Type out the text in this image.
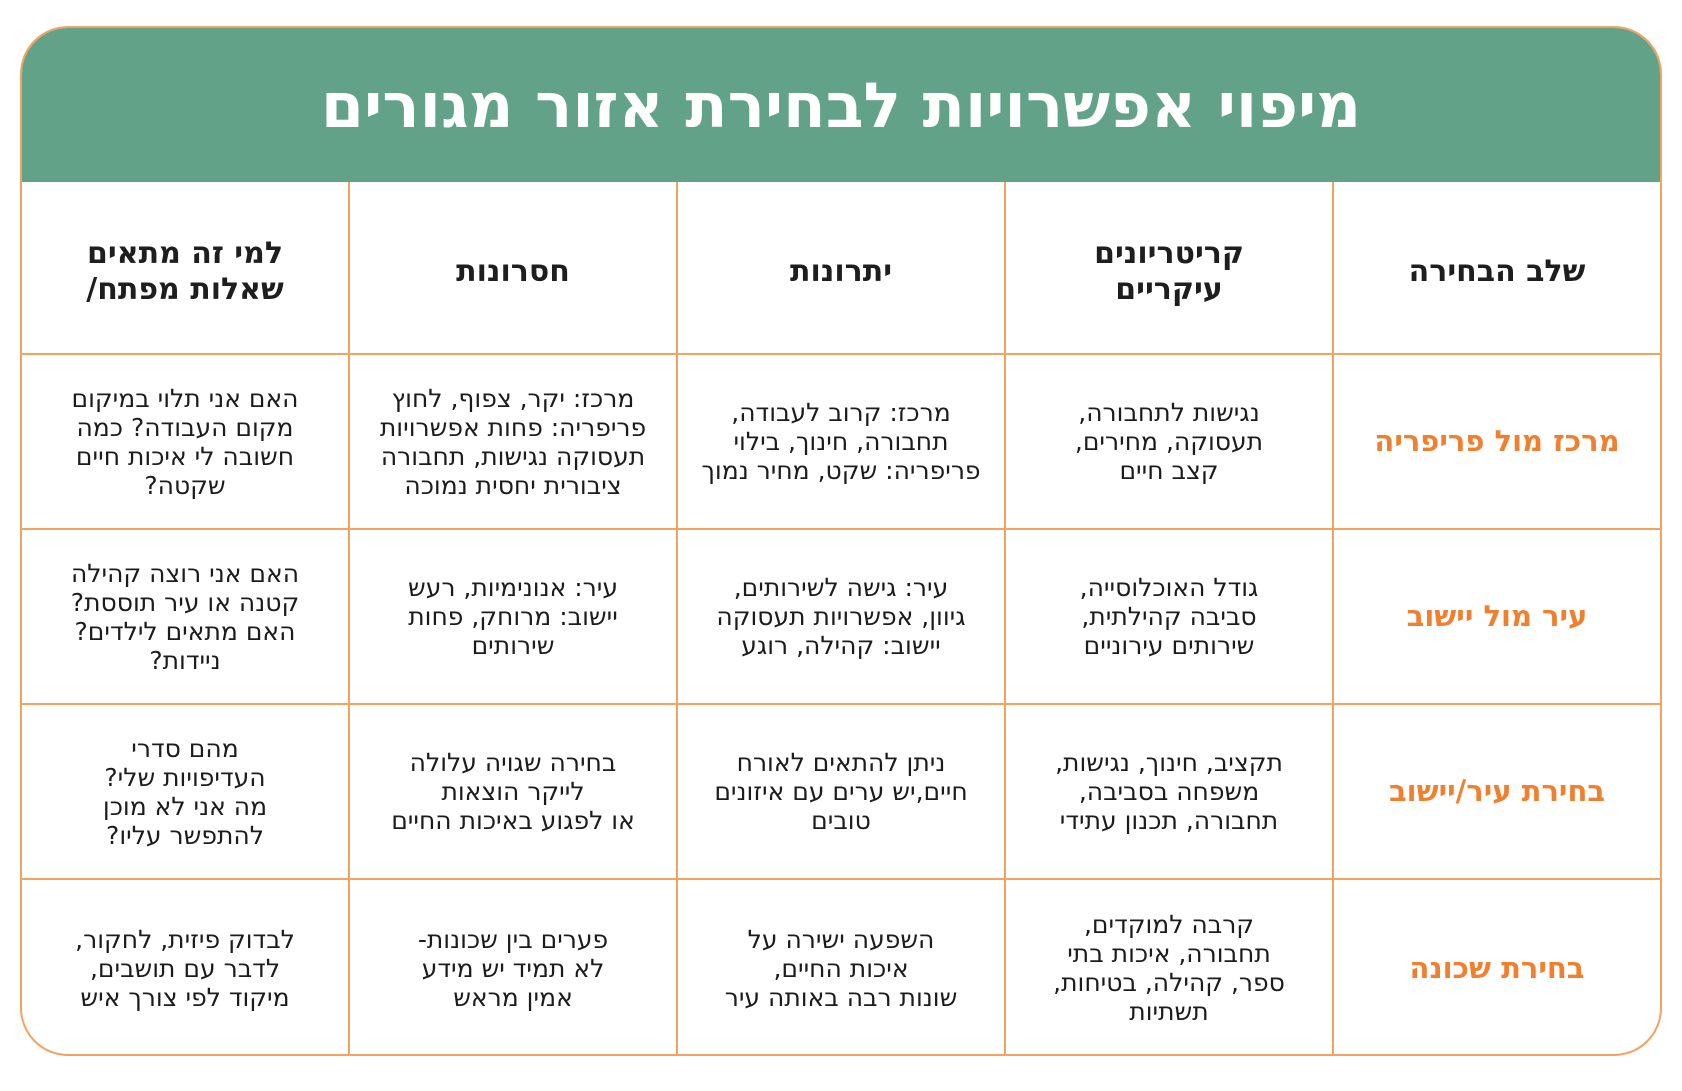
מיפוי אפשרויות לבחירת אזור מגורים
שלב הבחירה
קריטריונים
עיקריים
יתרונות
חסרונות
למי זה מתאים
שאלות מפתח/
מרכז מול פריפריה
נגישות לתחבורה,
תעסוקה, מחירים,
קצב חיים
מרכז: קרוב לעבודה,
תחבורה, חינוך, בילוי
פריפריה: שקט, מחיר נמוך
מרכז: יקר, צפוף, לחוץ
פריפריה: פחות אפשרויות
תעסוקה נגישות, תחבורה
ציבורית יחסית נמוכה
האם אני תלוי במיקום
מקום העבודה? כמה
חשובה לי איכות חיים
שקטה?
עיר מול יישוב
גודל האוכלוסייה,
סביבה קהילתית,
שירותים עירוניים
עיר: גישה לשירותים,
גיוון, אפשרויות תעסוקה
יישוב: קהילה, רוגע
עיר: אנונימיות, רעש
יישוב: מרוחק, פחות
שירותים
האם אני רוצה קהילה
קטנה או עיר תוססת?
האם מתאים לילדים?
ניידות?
בחירת עיר/יישוב
תקציב, חינוך, נגישות,
משפחה בסביבה,
תחבורה, תכנון עתידי
ניתן להתאים לאורח
חיים,יש ערים עם איזונים
טובים
בחירה שגויה עלולה
לייקר הוצאות
או לפגוע באיכות החיים
מהם סדרי
העדיפויות שלי?
מה אני לא מוכן
להתפשר עליו?
בחירת שכונה
קרבה למוקדים,
תחבורה, איכות בתי
ספר, קהילה, בטיחות,
תשתיות
השפעה ישירה על
איכות החיים,
שונות רבה באותה עיר
פערים בין שכונות-
לא תמיד יש מידע
אמין מראש
לבדוק פיזית, לחקור,
לדבר עם תושבים,
מיקוד לפי צורך איש
